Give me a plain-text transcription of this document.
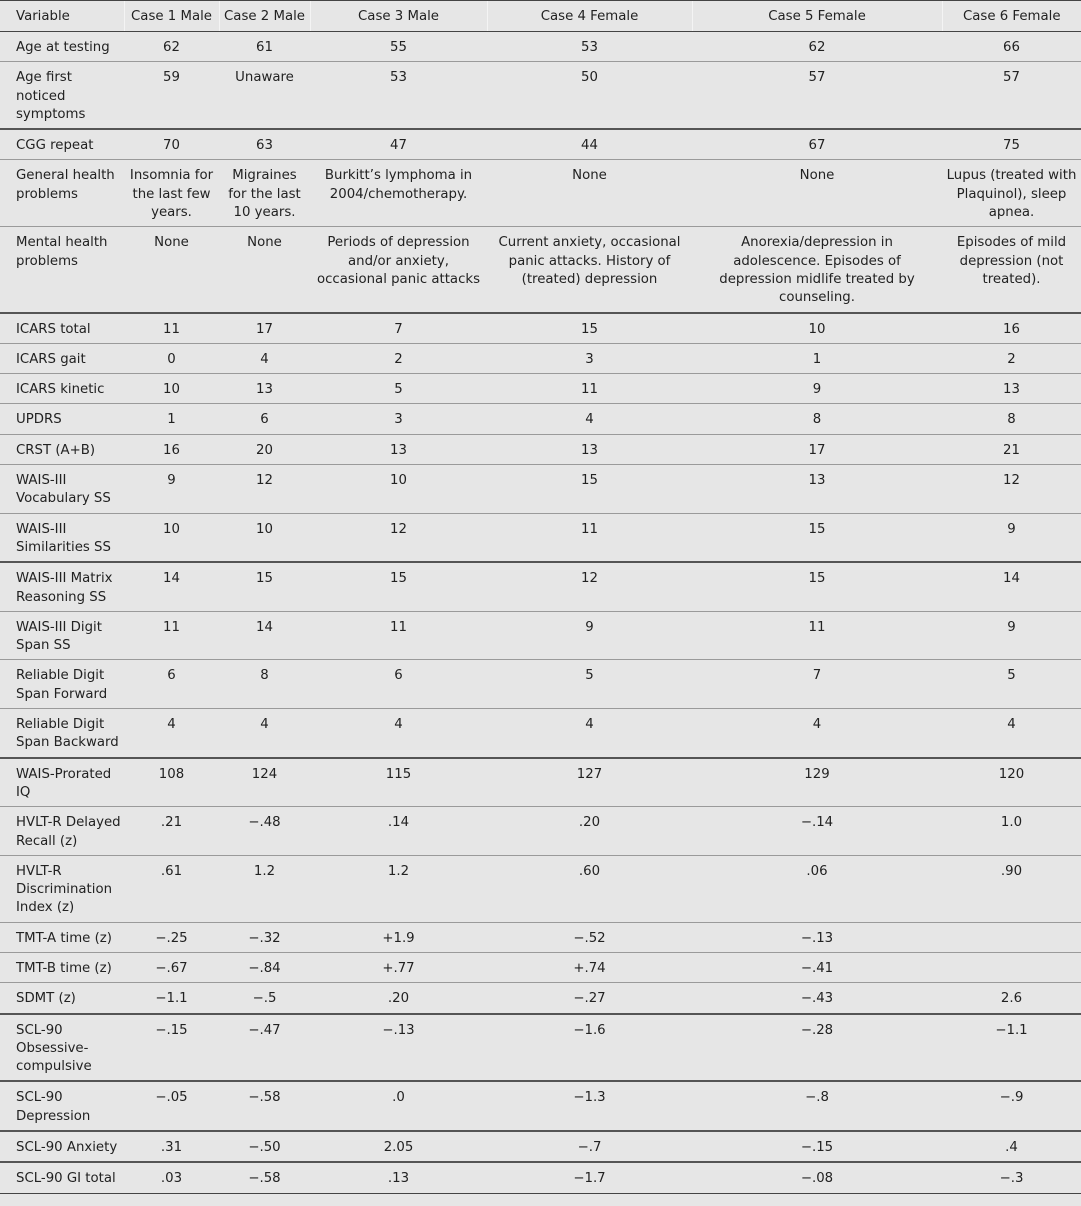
Variable	Case 1 Male	Case 2 Male	Case 3 Male	Case 4 Female	Case 5 Female	Case 6 Female
Age at testing	62	61	55	53	62	66
Age first noticed symptoms	59	Unaware	53	50	57	57
CGG repeat	70	63	47	44	67	75
General health problems	Insomnia for the last few years.	Migraines for the last 10 years.	Burkitt’s lymphoma in 2004/chemotherapy.	None	None	Lupus (treated with Plaquinol), sleep apnea.
Mental health problems	None	None	Periods of depression and/or anxiety, occasional panic attacks	Current anxiety, occasional panic attacks. History of (treated) depression	Anorexia/depression in adolescence. Episodes of depression midlife treated by counseling.	Episodes of mild depression (not treated).
ICARS total	11	17	7	15	10	16
ICARS gait	0	4	2	3	1	2
ICARS kinetic	10	13	5	11	9	13
UPDRS	1	6	3	4	8	8
CRST (A+B)	16	20	13	13	17	21
WAIS-III Vocabulary SS	9	12	10	15	13	12
WAIS-III Similarities SS	10	10	12	11	15	9
WAIS-III Matrix Reasoning SS	14	15	15	12	15	14
WAIS-III Digit Span SS	11	14	11	9	11	9
Reliable Digit Span Forward	6	8	6	5	7	5
Reliable Digit Span Backward	4	4	4	4	4	4
WAIS-Prorated IQ	108	124	115	127	129	120
HVLT-R Delayed Recall (z)	.21	−.48	.14	.20	−.14	1.0
HVLT-R Discrimination Index (z)	.61	1.2	1.2	.60	.06	.90
TMT-A time (z)	−.25	−.32	+1.9	−.52	−.13	
TMT-B time (z)	−.67	−.84	+.77	+.74	−.41	
SDMT (z)	−1.1	−.5	.20	−.27	−.43	2.6
SCL-90 Obsessive-compulsive	−.15	−.47	−.13	−1.6	−.28	−1.1
SCL-90 Depression	−.05	−.58	.0	−1.3	−.8	−.9
SCL-90 Anxiety	.31	−.50	2.05	−.7	−.15	.4
SCL-90 GI total	.03	−.58	.13	−1.7	−.08	−.3
